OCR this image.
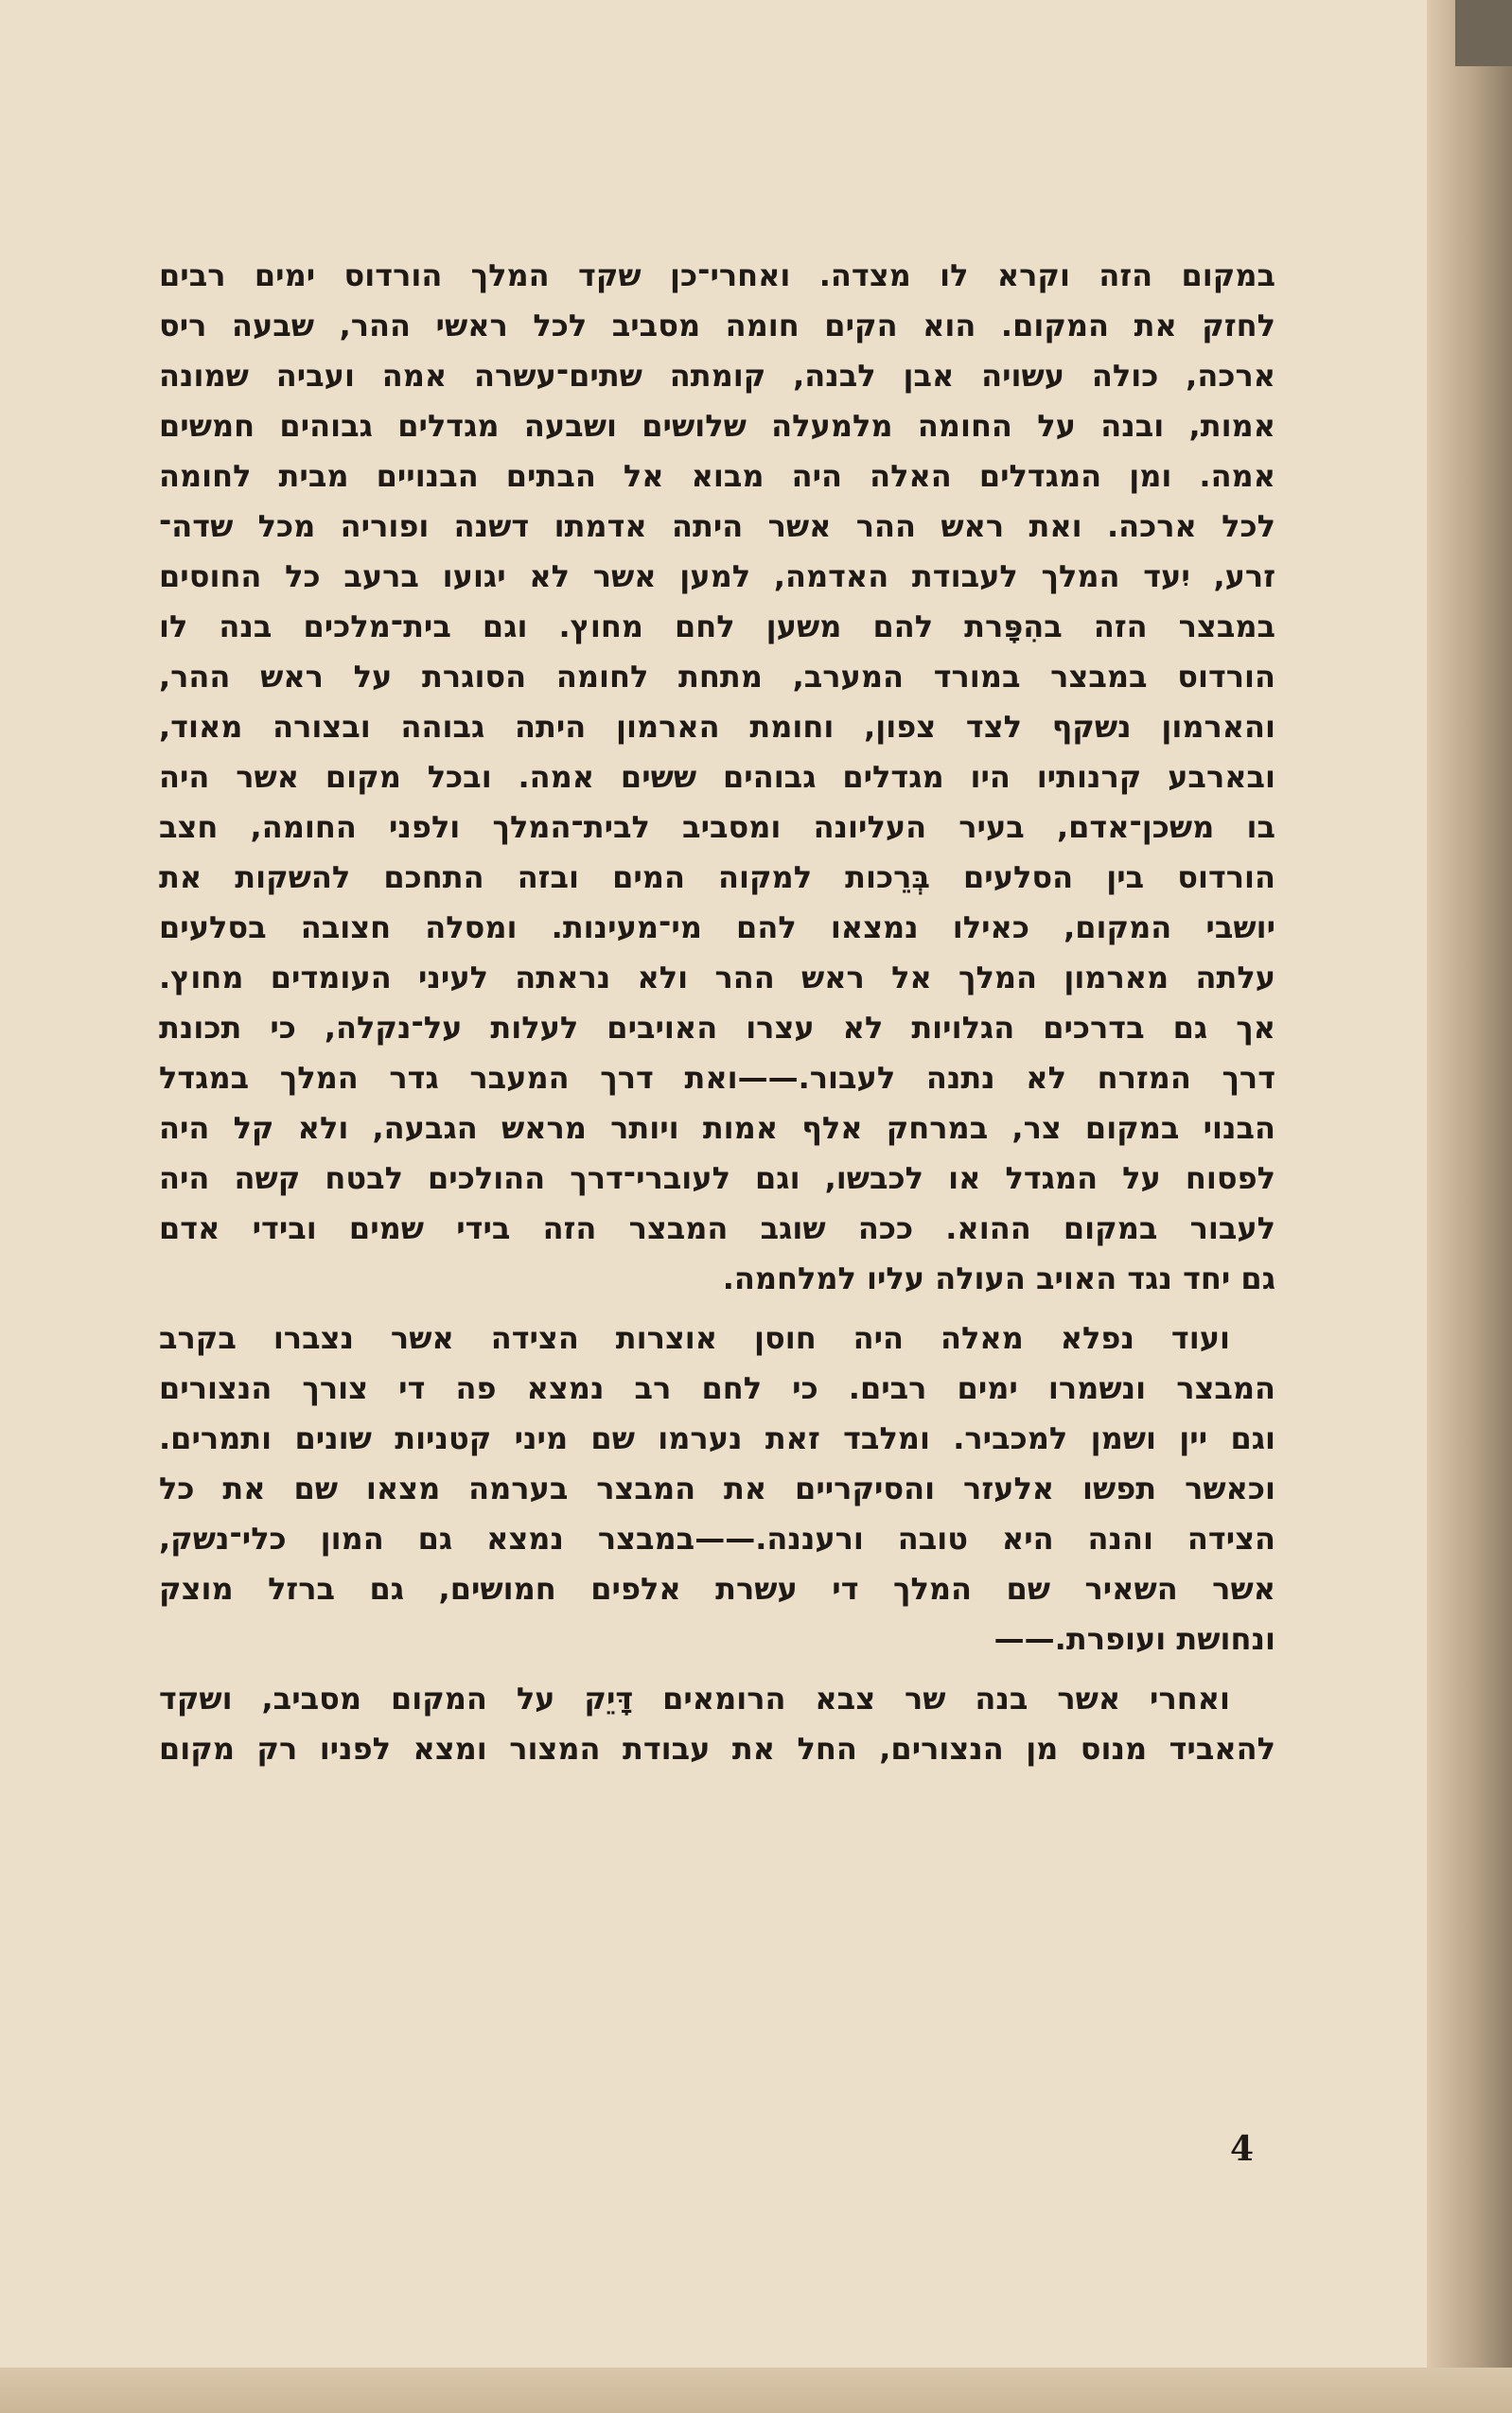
במקום הזה וקרא לו מצדה. ואחרי־כן שקד המלך הורדוס ימים רבים
לחזק את המקום. הוא הקים חומה מסביב לכל ראשי ההר, שבעה ריס
ארכה, כולה עשויה אבן לבנה, קומתה שתים־עשרה אמה ועביה שמונה
אמות, ובנה על החומה מלמעלה שלושים ושבעה מגדלים גבוהים חמשים
אמה. ומן המגדלים האלה היה מבוא אל הבתים הבנויים מבית לחומה
לכל ארכה. ואת ראש ההר אשר היתה אדמתו דשנה ופוריה מכל שדה־
זרע, יִעד המלך לעבודת האדמה, למען אשר לא יגועו ברעב כל החוסים
במבצר הזה בהִפָּרת להם משען לחם מחוץ. וגם בית־מלכים בנה לו
הורדוס במבצר במורד המערב, מתחת לחומה הסוגרת על ראש ההר,
והארמון נשקף לצד צפון, וחומת הארמון היתה גבוהה ובצורה מאוד,
ובארבע קרנותיו היו מגדלים גבוהים ששים אמה. ובכל מקום אשר היה
בו משכן־אדם, בעיר העליונה ומסביב לבית־המלך ולפני החומה, חצב
הורדוס בין הסלעים בְּרֵכות למקוה המים ובזה התחכם להשקות את
יושבי המקום, כאילו נמצאו להם מי־מעינות. ומסלה חצובה בסלעים
עלתה מארמון המלך אל ראש ההר ולא נראתה לעיני העומדים מחוץ.
אך גם בדרכים הגלויות לא עצרו האויבים לעלות על־נקלה, כי תכונת
דרך המזרח לא נתנה לעבור.——ואת דרך המעבר גדר המלך במגדל
הבנוי במקום צר, במרחק אלף אמות ויותר מראש הגבעה, ולא קל היה
לפסוח על המגדל או לכבשו, וגם לעוברי־דרך ההולכים לבטח קשה היה
לעבור במקום ההוא. ככה שוגב המבצר הזה בידי שמים ובידי אדם
גם יחד נגד האויב העולה עליו למלחמה.
ועוד נפלא מאלה היה חוסן אוצרות הצידה אשר נצברו בקרב
המבצר ונשמרו ימים רבים. כי לחם רב נמצא פה די צורך הנצורים
וגם יין ושמן למכביר. ומלבד זאת נערמו שם מיני קטניות שונים ותמרים.
וכאשר תפשו אלעזר והסיקריים את המבצר בערמה מצאו שם את כל
הצידה והנה היא טובה ורעננה.——במבצר נמצא גם המון כלי־נשק,
אשר השאיר שם המלך די עשרת אלפים חמושים, גם ברזל מוצק
ונחושת ועופרת.——
ואחרי אשר בנה שר צבא הרומאים דָּיֵק על המקום מסביב, ושקד
להאביד מנוס מן הנצורים, החל את עבודת המצור ומצא לפניו רק מקום
4
